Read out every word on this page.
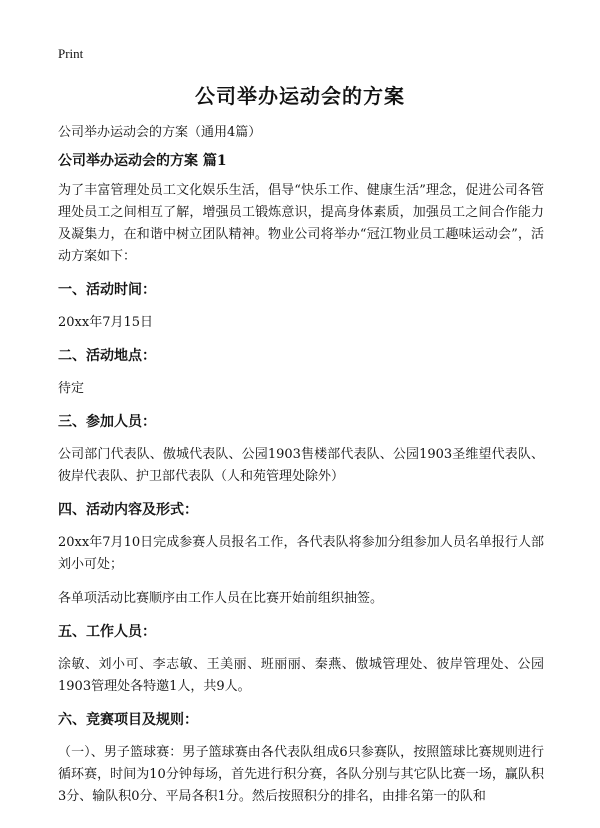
Print
公司举办运动会的方案
公司举办运动会的方案（通用4篇）

公司举办运动会的方案 篇1

为了丰富管理处员工文化娱乐生活，倡导“快乐工作、健康生活”理念，促进公司各管理处员工之间相互了解，增强员工锻炼意识，提高身体素质，加强员工之间合作能力及凝集力，在和谐中树立团队精神。物业公司将举办“冠江物业员工趣味运动会”，活动方案如下：

一、活动时间：

20xx年7月15日

二、活动地点：

待定

三、参加人员：

公司部门代表队、傲城代表队、公园1903售楼部代表队、公园1903圣维望代表队、彼岸代表队、护卫部代表队（人和苑管理处除外）

四、活动内容及形式：

20xx年7月10日完成参赛人员报名工作，各代表队将参加分组参加人员名单报行人部刘小可处；

各单项活动比赛顺序由工作人员在比赛开始前组织抽签。

五、工作人员：

涂敏、刘小可、李志敏、王美丽、班丽丽、秦燕、傲城管理处、彼岸管理处、公园1903管理处各特邀1人，共9人。

六、竞赛项目及规则：

（一）、男子篮球赛：男子篮球赛由各代表队组成6只参赛队，按照篮球比赛规则进行循环赛，时间为10分钟每场，首先进行积分赛，各队分别与其它队比赛一场，赢队积3分、输队积0分、平局各积1分。然后按照积分的排名，由排名第一的队和
